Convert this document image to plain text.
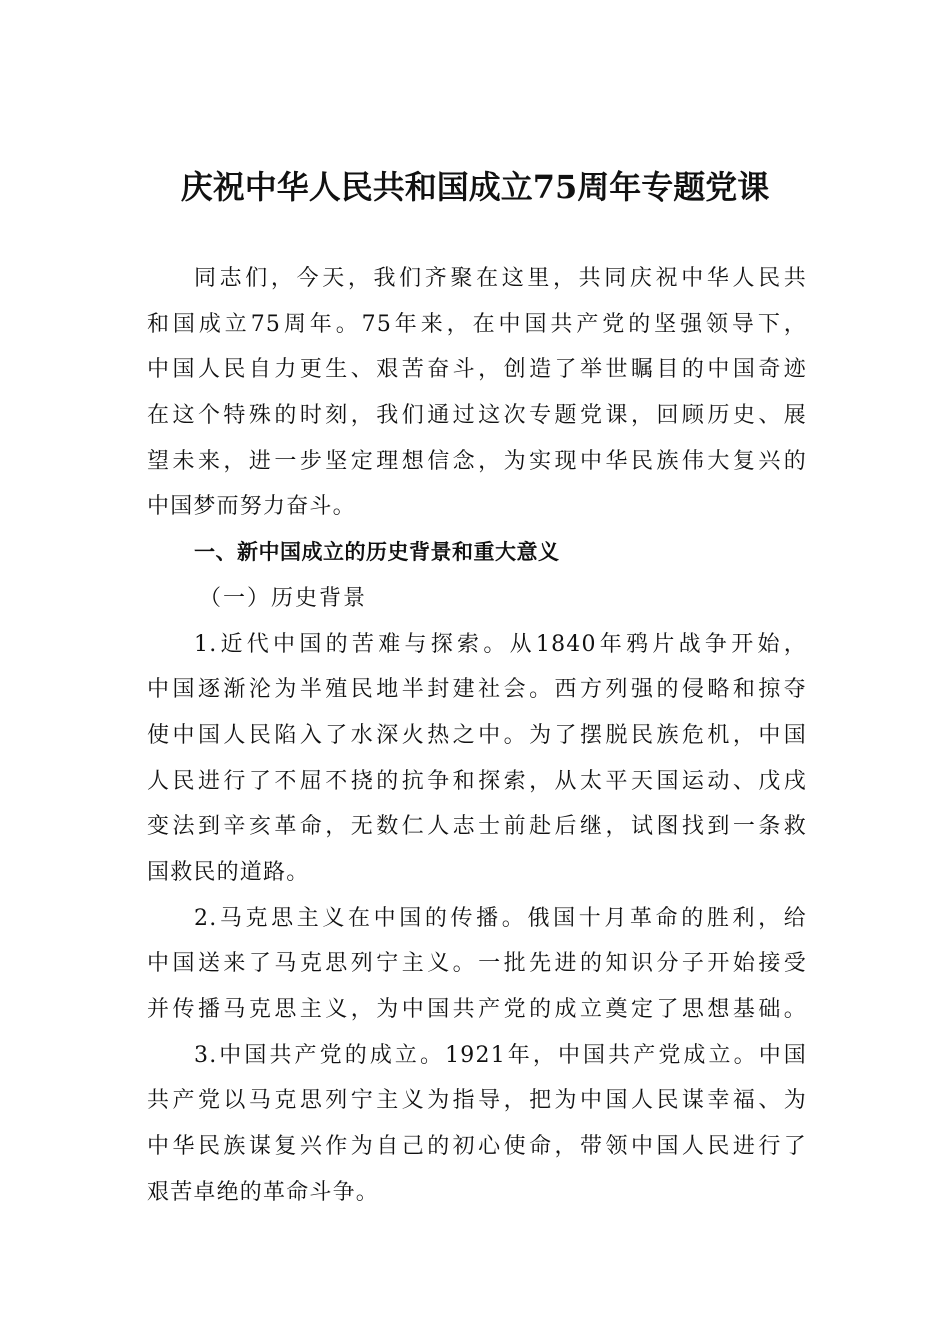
庆祝中华人民共和国成立75周年专题党课
同志们，今天，我们齐聚在这里，共同庆祝中华人民共
和国成立75周年。75年来，在中国共产党的坚强领导下，
中国人民自力更生、艰苦奋斗，创造了举世瞩目的中国奇迹
在这个特殊的时刻，我们通过这次专题党课，回顾历史、展
望未来，进一步坚定理想信念，为实现中华民族伟大复兴的
中国梦而努力奋斗。
一、新中国成立的历史背景和重大意义
（一）历史背景
1.近代中国的苦难与探索。从1840年鸦片战争开始，
中国逐渐沦为半殖民地半封建社会。西方列强的侵略和掠夺
使中国人民陷入了水深火热之中。为了摆脱民族危机，中国
人民进行了不屈不挠的抗争和探索，从太平天国运动、戊戌
变法到辛亥革命，无数仁人志士前赴后继，试图找到一条救
国救民的道路。
2.马克思主义在中国的传播。俄国十月革命的胜利，给
中国送来了马克思列宁主义。一批先进的知识分子开始接受
并传播马克思主义，为中国共产党的成立奠定了思想基础。
3.中国共产党的成立。1921年，中国共产党成立。中国
共产党以马克思列宁主义为指导，把为中国人民谋幸福、为
中华民族谋复兴作为自己的初心使命，带领中国人民进行了
艰苦卓绝的革命斗争。
